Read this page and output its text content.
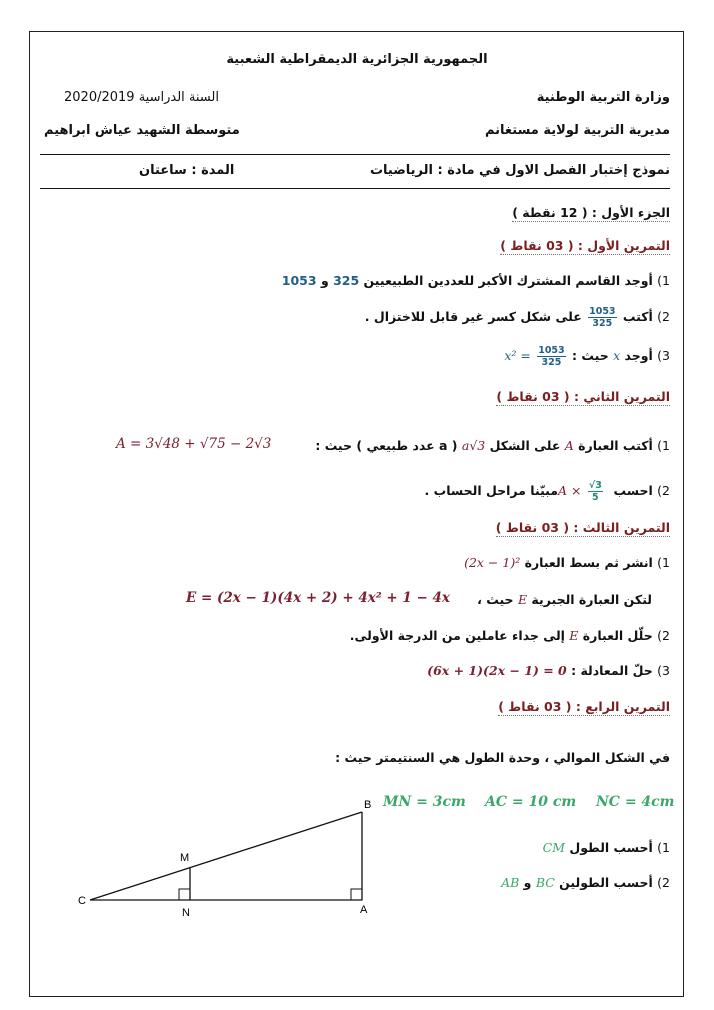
الجمهورية الجزائرية الديمقراطية الشعبية
وزارة التربية الوطنية
السنة الدراسية 2020/2019
مديرية التربية لولاية مستغانم
متوسطة الشهيد عياش ابراهيم
نموذج إختبار الفصل الاول في مادة : الرياضيات
المدة : ساعتان
الجزء الأول : ( 12 نقطة )
التمرين الأول : ( 03 نقاط )
1) أوجد القاسم المشترك الأكبر للعددين الطبيعيين 325 و 1053
2) أكتب
$\frac{1053}{325}$
على شكل كسر غير قابل للاختزال .
3) أوجد x حيث : $x^2 = \frac{1053}{325}$
التمرين الثاني : ( 03 نقاط )
1) أكتب العبارة A على الشكل a√3 ( a عدد طبيعي ) حيث :
A = 3√48 + √75 − 2√3
2) احسب $A \times \frac{√3}{5}$
مبيّنا مراحل الحساب .
التمرين الثالث : ( 03 نقاط )
1) انشر ثم بسط العبارة (2x − 1)²
لتكن العبارة الجبرية E حيث ،
E = (2x − 1)(4x + 2) + 4x² + 1 − 4x
2) حلّل العبارة E إلى جداء عاملين من الدرجة الأولى.
3) حلّ المعادلة : (6x + 1)(2x − 1) = 0
التمرين الرابع : ( 03 نقاط )
في الشكل الموالي ، وحدة الطول هي السنتيمتر حيث :
MN = 3cm AC = 10 cm NC = 4cm
1) أحسب الطول CM
2) أحسب الطولين BC و AB
B
M
C
N	A
